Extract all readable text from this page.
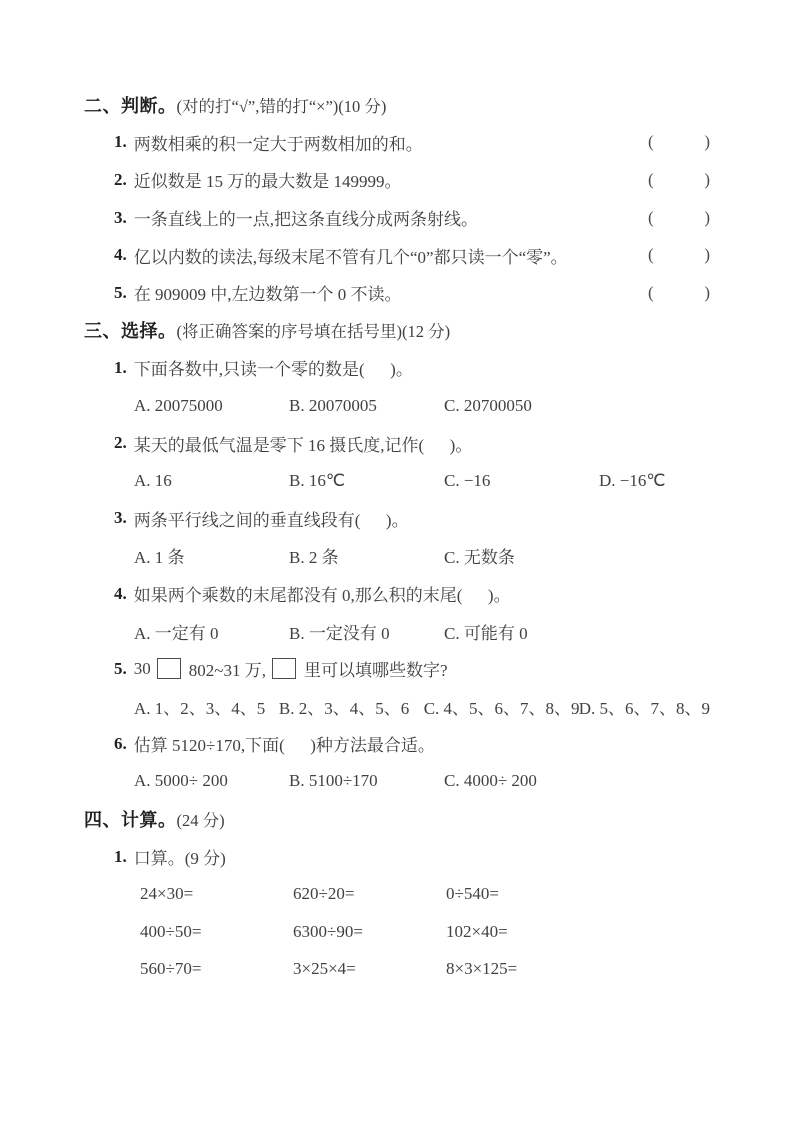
二、判断。 (对的打“√”,错的打“×”)(10 分)
1. 两数相乘的积一定大于两数相加的和。	(	)
2. 近似数是 15 万的最大数是 149999。	(	)
3. 一条直线上的一点,把这条直线分成两条射线。	(	)
4. 亿以内数的读法,每级末尾不管有几个“0”都只读一个“零”。	(	)
5. 在 909009 中,左边数第一个 0 不读。	(	)
三、选择。 (将正确答案的序号填在括号里)(12 分)
1. 下面各数中,只读一个零的数是(      )。
A. 20075000	B. 20070005	C. 20700050
2. 某天的最低气温是零下 16 摄氏度,记作(      )。
A. 16	B. 16℃	C. −16	D. −16℃
3. 两条平行线之间的垂直线段有(      )。
A. 1 条	B. 2 条	C. 无数条
4. 如果两个乘数的末尾都没有 0,那么积的末尾(      )。
A. 一定有 0	B. 一定没有 0	C. 可能有 0
5. 30 802~31 万, 里可以填哪些数字?
A. 1、2、3、4、5 B. 2、3、4、5、6 C. 4、5、6、7、8、9 D. 5、6、7、8、9
6. 估算 5120÷170,下面(      )种方法最合适。
A. 5000÷ 200	B. 5100÷170	C. 4000÷ 200
四、计算。 (24 分)
1. 口算。(9 分)
24×30=	620÷20=	0÷540=
400÷50=	6300÷90=	102×40=
560÷70=	3×25×4=	8×3×125=
